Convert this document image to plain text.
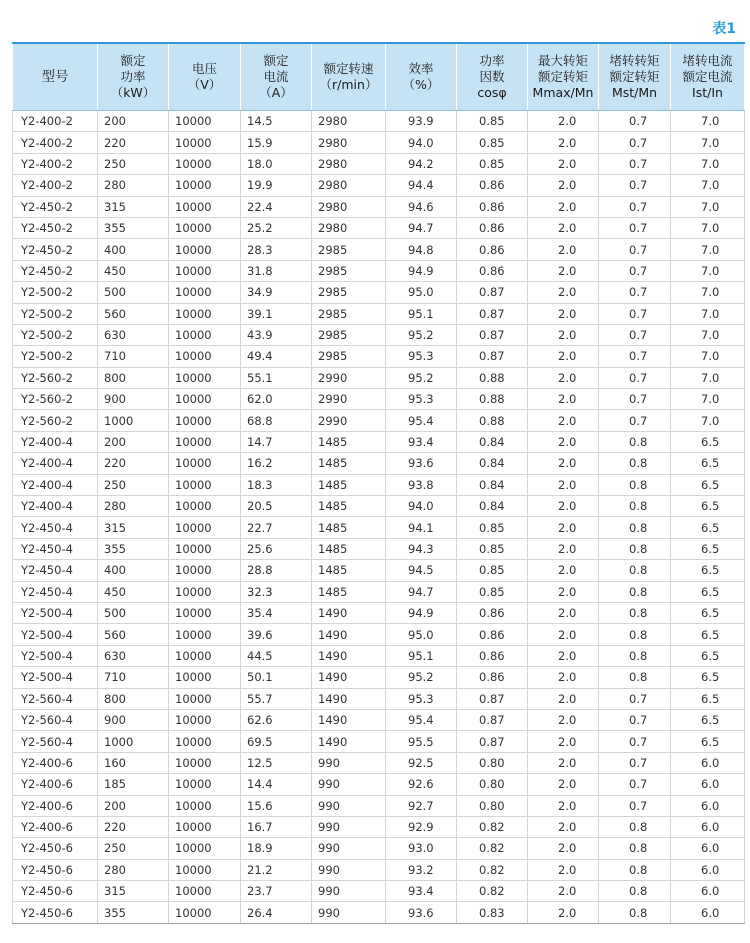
表1
型号	额定
功率
（kW）	电压
（V）	额定
电流
（A）	额定转速
（r/min）	效率
（%）	功率
因数
cosφ	最大转矩
额定转矩
Mmax/Mn	堵转转矩
额定转矩
Mst/Mn	堵转电流
额定电流
Ist/In

Y2-400-2	200	10000	14.5	2980	93.9	0.85	2.0	0.7	7.0
Y2-400-2	220	10000	15.9	2980	94.0	0.85	2.0	0.7	7.0
Y2-400-2	250	10000	18.0	2980	94.2	0.85	2.0	0.7	7.0
Y2-400-2	280	10000	19.9	2980	94.4	0.86	2.0	0.7	7.0
Y2-450-2	315	10000	22.4	2980	94.6	0.86	2.0	0.7	7.0
Y2-450-2	355	10000	25.2	2980	94.7	0.86	2.0	0.7	7.0
Y2-450-2	400	10000	28.3	2985	94.8	0.86	2.0	0.7	7.0
Y2-450-2	450	10000	31.8	2985	94.9	0.86	2.0	0.7	7.0
Y2-500-2	500	10000	34.9	2985	95.0	0.87	2.0	0.7	7.0
Y2-500-2	560	10000	39.1	2985	95.1	0.87	2.0	0.7	7.0
Y2-500-2	630	10000	43.9	2985	95.2	0.87	2.0	0.7	7.0
Y2-500-2	710	10000	49.4	2985	95.3	0.87	2.0	0.7	7.0
Y2-560-2	800	10000	55.1	2990	95.2	0.88	2.0	0.7	7.0
Y2-560-2	900	10000	62.0	2990	95.3	0.88	2.0	0.7	7.0
Y2-560-2	1000	10000	68.8	2990	95.4	0.88	2.0	0.7	7.0
Y2-400-4	200	10000	14.7	1485	93.4	0.84	2.0	0.8	6.5
Y2-400-4	220	10000	16.2	1485	93.6	0.84	2.0	0.8	6.5
Y2-400-4	250	10000	18.3	1485	93.8	0.84	2.0	0.8	6.5
Y2-400-4	280	10000	20.5	1485	94.0	0.84	2.0	0.8	6.5
Y2-450-4	315	10000	22.7	1485	94.1	0.85	2.0	0.8	6.5
Y2-450-4	355	10000	25.6	1485	94.3	0.85	2.0	0.8	6.5
Y2-450-4	400	10000	28.8	1485	94.5	0.85	2.0	0.8	6.5
Y2-450-4	450	10000	32.3	1485	94.7	0.85	2.0	0.8	6.5
Y2-500-4	500	10000	35.4	1490	94.9	0.86	2.0	0.8	6.5
Y2-500-4	560	10000	39.6	1490	95.0	0.86	2.0	0.8	6.5
Y2-500-4	630	10000	44.5	1490	95.1	0.86	2.0	0.8	6.5
Y2-500-4	710	10000	50.1	1490	95.2	0.86	2.0	0.8	6.5
Y2-560-4	800	10000	55.7	1490	95.3	0.87	2.0	0.7	6.5
Y2-560-4	900	10000	62.6	1490	95.4	0.87	2.0	0.7	6.5
Y2-560-4	1000	10000	69.5	1490	95.5	0.87	2.0	0.7	6.5
Y2-400-6	160	10000	12.5	990	92.5	0.80	2.0	0.7	6.0
Y2-400-6	185	10000	14.4	990	92.6	0.80	2.0	0.7	6.0
Y2-400-6	200	10000	15.6	990	92.7	0.80	2.0	0.7	6.0
Y2-400-6	220	10000	16.7	990	92.9	0.82	2.0	0.8	6.0
Y2-450-6	250	10000	18.9	990	93.0	0.82	2.0	0.8	6.0
Y2-450-6	280	10000	21.2	990	93.2	0.82	2.0	0.8	6.0
Y2-450-6	315	10000	23.7	990	93.4	0.82	2.0	0.8	6.0
Y2-450-6	355	10000	26.4	990	93.6	0.83	2.0	0.8	6.0
